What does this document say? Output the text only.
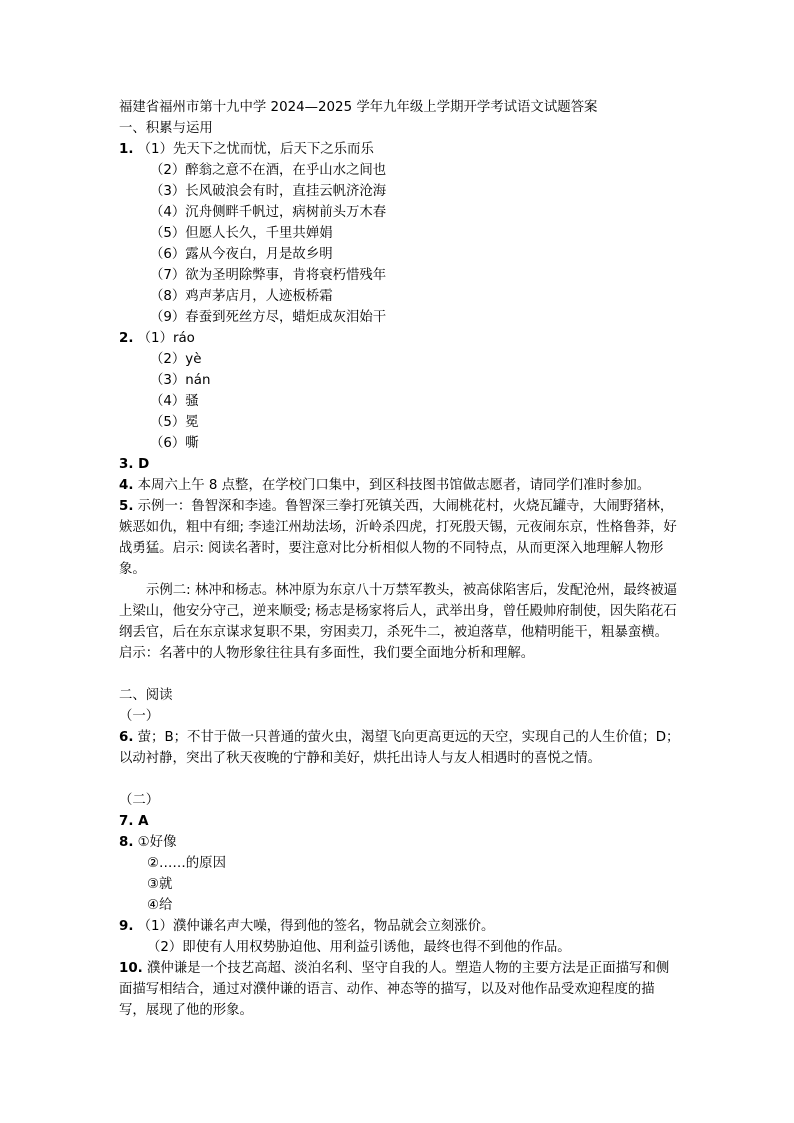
福建省福州市第十九中学 2024—2025 学年九年级上学期开学考试语文试题答案
一、积累与运用
1. （1）先天下之忧而忧，后天下之乐而乐
（2）醉翁之意不在酒，在乎山水之间也
（3）长风破浪会有时，直挂云帆济沧海
（4）沉舟侧畔千帆过，病树前头万木春
（5）但愿人长久，千里共婵娟
（6）露从今夜白，月是故乡明
（7）欲为圣明除弊事，肯将衰朽惜残年
（8）鸡声茅店月，人迹板桥霜
（9）春蚕到死丝方尽，蜡炬成灰泪始干
2. （1）ráo
（2）yè
（3）nán
（4）骚
（5）冕
（6）嘶
3. D
4. 本周六上午 8 点整，在学校门口集中，到区科技图书馆做志愿者，请同学们准时参加。
5. 示例一：鲁智深和李逵。鲁智深三拳打死镇关西，大闹桃花村，火烧瓦罐寺，大闹野猪林，嫉恶如仇，粗中有细; 李逵江州劫法场，沂岭杀四虎，打死殷天锡，元夜闹东京，性格鲁莽，好战勇猛。启示: 阅读名著时，要注意对比分析相似人物的不同特点，从而更深入地理解人物形象。
示例二: 林冲和杨志。林冲原为东京八十万禁军教头，被高俅陷害后，发配沧州，最终被逼上梁山，他安分守己，逆来顺受; 杨志是杨家将后人，武举出身，曾任殿帅府制使，因失陷花石纲丢官，后在东京谋求复职不果，穷困卖刀，杀死牛二，被迫落草，他精明能干，粗暴蛮横。启示：名著中的人物形象往往具有多面性，我们要全面地分析和理解。
二、阅读
（一）
6. 萤；B；不甘于做一只普通的萤火虫，渴望飞向更高更远的天空，实现自己的人生价值；D；以动衬静，突出了秋天夜晚的宁静和美好，烘托出诗人与友人相遇时的喜悦之情。
（二）
7. A
8. ①好像
②……的原因
③就
④给
9. （1）濮仲谦名声大噪，得到他的签名，物品就会立刻涨价。
（2）即使有人用权势胁迫他、用利益引诱他，最终也得不到他的作品。
10. 濮仲谦是一个技艺高超、淡泊名利、坚守自我的人。塑造人物的主要方法是正面描写和侧面描写相结合，通过对濮仲谦的语言、动作、神态等的描写，以及对他作品受欢迎程度的描写，展现了他的形象。
